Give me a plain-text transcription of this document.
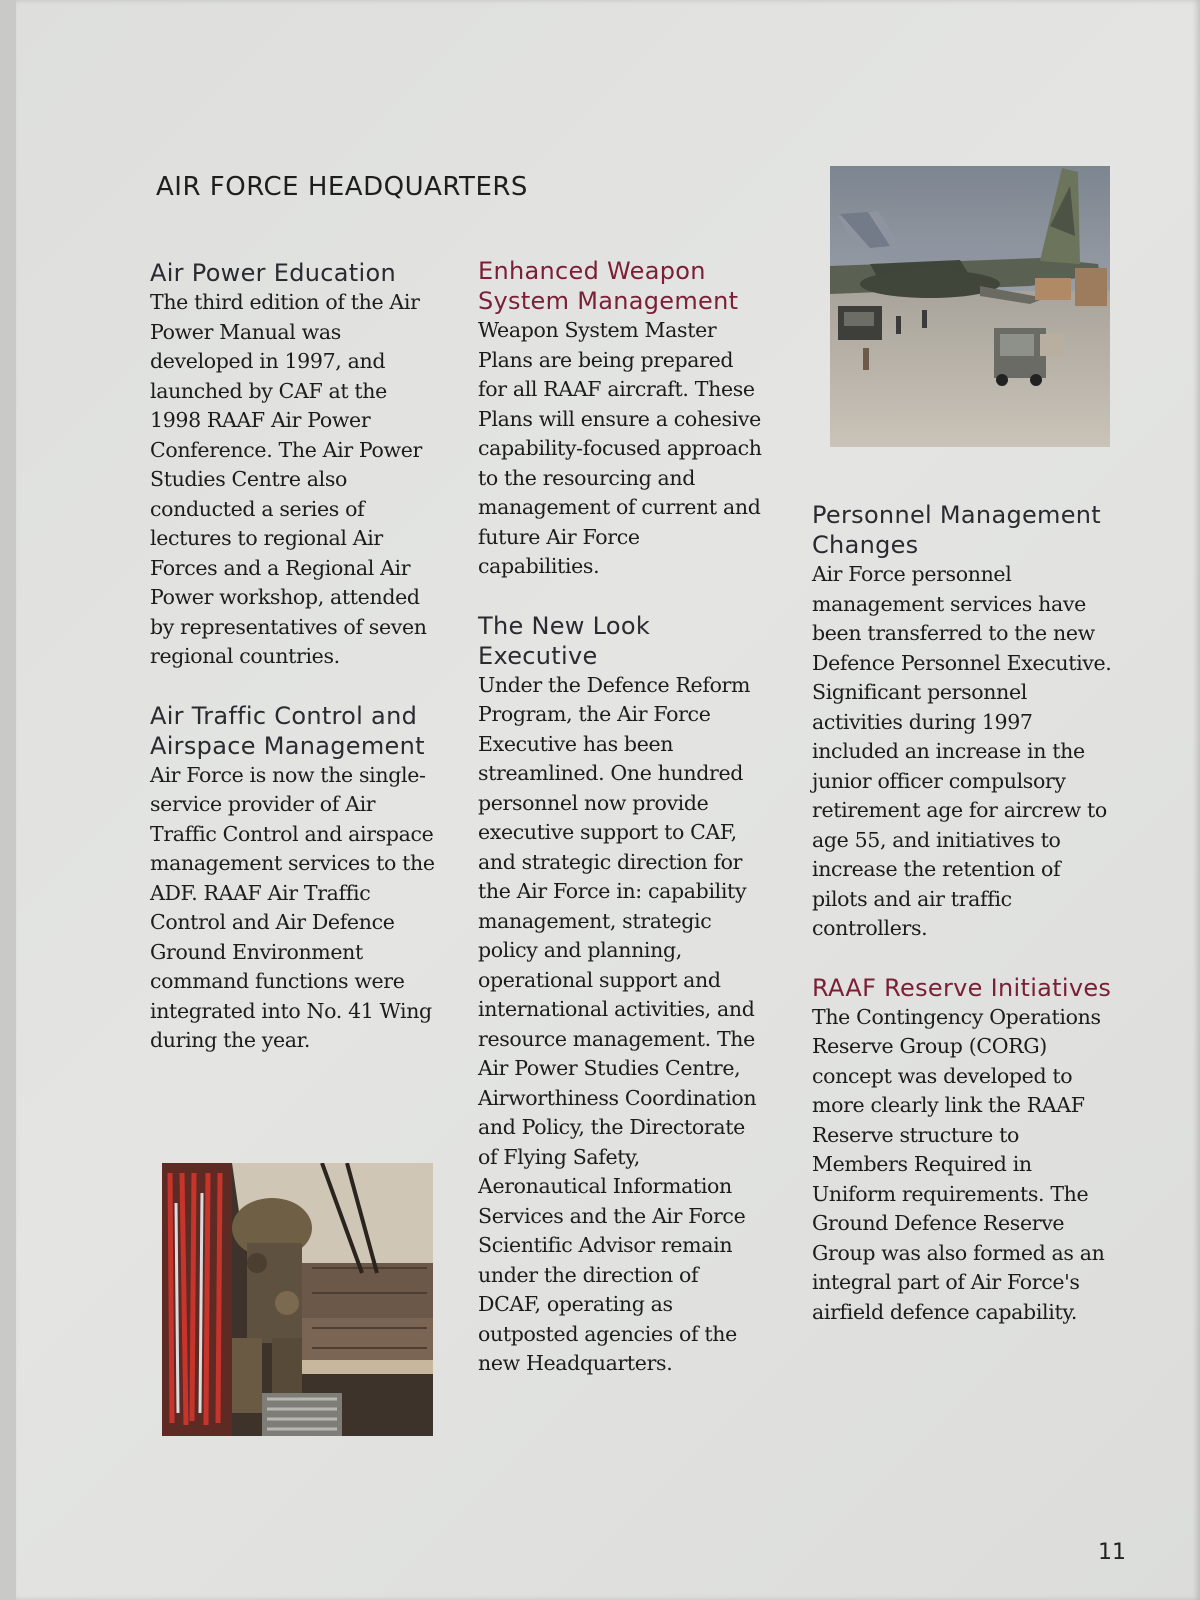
AIR FORCE HEADQUARTERS
Air Power Education

The third edition of the Air Power Manual was developed in 1997, and launched by CAF at the 1998 RAAF Air Power Conference. The Air Power Studies Centre also conducted a series of lectures to regional Air Forces and a Regional Air Power workshop, attended by representatives of seven regional countries.

Air Traffic Control and Airspace Management

Air Force is now the single-service provider of Air Traffic Control and airspace management services to the ADF. RAAF Air Traffic Control and Air Defence Ground Environment command functions were integrated into No. 41 Wing during the year.

Enhanced Weapon System Management

Weapon System Master Plans are being prepared for all RAAF aircraft. These Plans will ensure a cohesive capability-focused approach to the resourcing and management of current and future Air Force capabilities.

The New Look Executive

Under the Defence Reform Program, the Air Force Executive has been streamlined. One hundred personnel now provide executive support to CAF, and strategic direction for the Air Force in: capability management, strategic policy and planning, operational support and international activities, and resource management. The Air Power Studies Centre, Airworthiness Coordination and Policy, the Directorate of Flying Safety, Aeronautical Information Services and the Air Force Scientific Advisor remain under the direction of DCAF, operating as outposted agencies of the new Headquarters.

Personnel Management Changes

Air Force personnel management services have been transferred to the new Defence Personnel Executive. Significant personnel activities during 1997 included an increase in the junior officer compulsory retirement age for aircrew to age 55, and initiatives to increase the retention of pilots and air traffic controllers.

RAAF Reserve Initiatives

The Contingency Operations Reserve Group (CORG) concept was developed to more clearly link the RAAF Reserve structure to Members Required in Uniform requirements. The Ground Defence Reserve Group was also formed as an integral part of Air Force's airfield defence capability.

11
